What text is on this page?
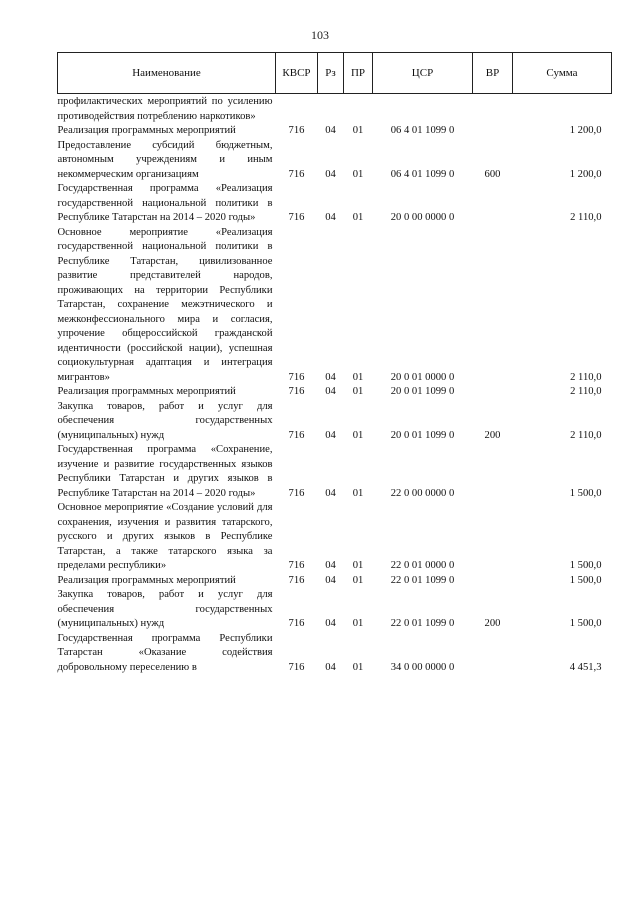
103
Наименование	КВСР	Рз	ПР	ЦСР	ВР	Сумма
профилактических мероприятий по усилению противодействия потреблению наркотиков»						
Реализация программных мероприятий	716	04	01	06 4 01 1099 0		1 200,0
Предоставление субсидий бюджетным, автономным учреждениям и иным некоммерческим организациям	716	04	01	06 4 01 1099 0	600	1 200,0
Государственная программа «Реализация государственной национальной политики в Республике Татарстан на 2014 – 2020 годы»	716	04	01	20 0 00 0000 0		2 110,0
Основное мероприятие «Реализация государственной национальной политики в Республике Татарстан, цивилизованное развитие представителей народов, проживающих на территории Республики Татарстан, сохранение межэтнического и межконфессионального мира и согласия, упрочение общероссийской гражданской идентичности (российской нации), успешная социокультурная адаптация и интеграция мигрантов»	716	04	01	20 0 01 0000 0		2 110,0
Реализация программных мероприятий	716	04	01	20 0 01 1099 0		2 110,0
Закупка товаров, работ и услуг для обеспечения государственных (муниципальных) нужд	716	04	01	20 0 01 1099 0	200	2 110,0
Государственная программа «Сохранение, изучение и развитие государственных языков Республики Татарстан и других языков в Республике Татарстан на 2014 – 2020 годы»	716	04	01	22 0 00 0000 0		1 500,0
Основное мероприятие «Создание условий для сохранения, изучения и развития татарского, русского и других языков в Республике Татарстан, а также татарского языка за пределами республики»	716	04	01	22 0 01 0000 0		1 500,0
Реализация программных мероприятий	716	04	01	22 0 01 1099 0		1 500,0
Закупка товаров, работ и услуг для обеспечения государственных (муниципальных) нужд	716	04	01	22 0 01 1099 0	200	1 500,0
Государственная программа Республики Татарстан «Оказание содействия добровольному переселению в	716	04	01	34 0 00 0000 0		4 451,3
